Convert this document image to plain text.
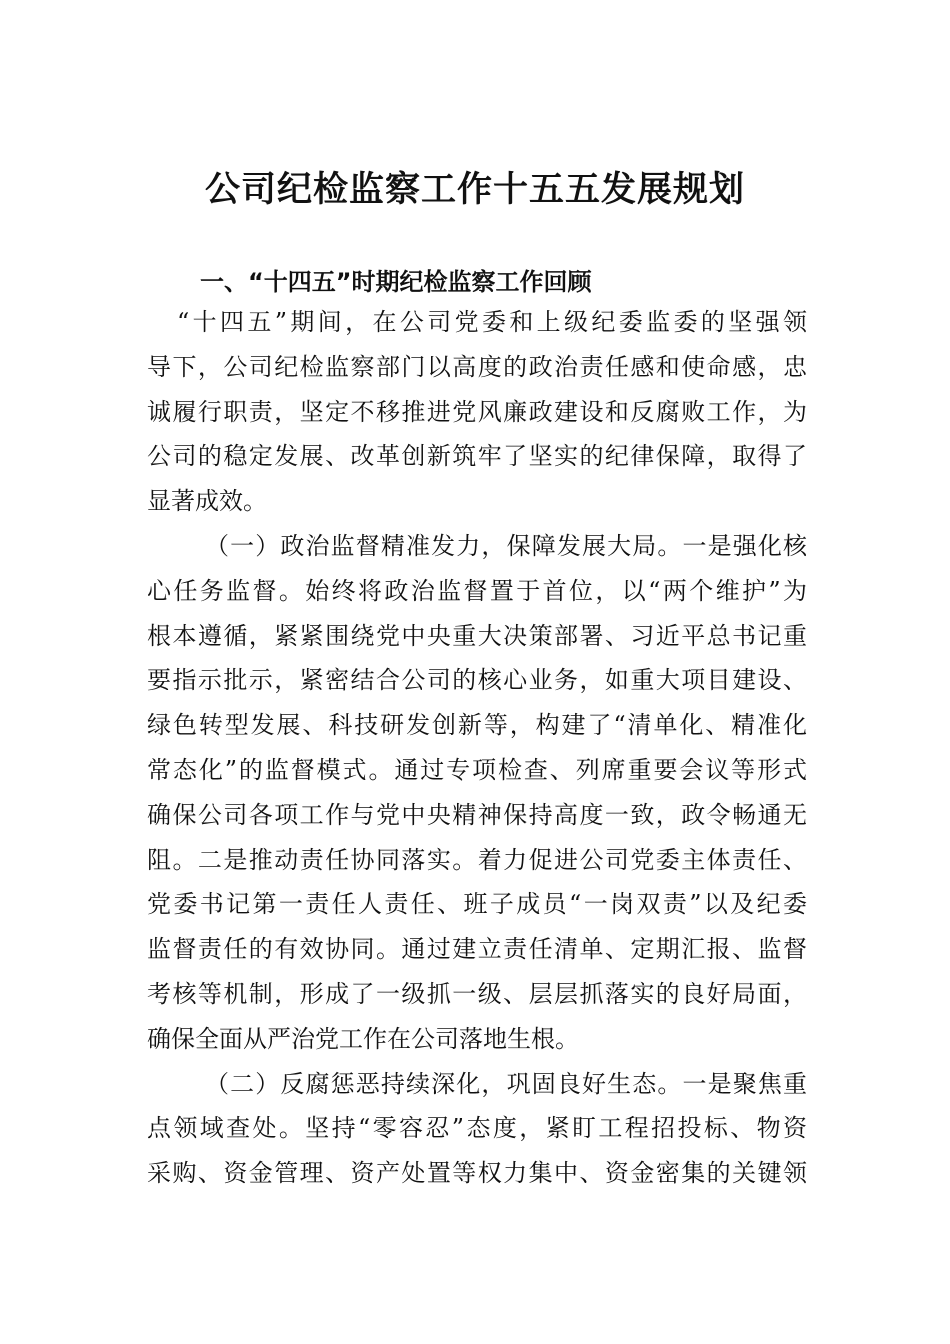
公司纪检监察工作十五五发展规划
一、“十四五”时期纪检监察工作回顾
“十四五”期间，在公司党委和上级纪委监委的坚强领
导下，公司纪检监察部门以高度的政治责任感和使命感，忠
诚履行职责，坚定不移推进党风廉政建设和反腐败工作，为
公司的稳定发展、改革创新筑牢了坚实的纪律保障，取得了
显著成效。
（一）政治监督精准发力，保障发展大局。一是强化核
心任务监督。始终将政治监督置于首位，以“两个维护”为
根本遵循，紧紧围绕党中央重大决策部署、习近平总书记重
要指示批示，紧密结合公司的核心业务，如重大项目建设、
绿色转型发展、科技研发创新等，构建了“清单化、精准化
常态化”的监督模式。通过专项检查、列席重要会议等形式
确保公司各项工作与党中央精神保持高度一致，政令畅通无
阻。二是推动责任协同落实。着力促进公司党委主体责任、
党委书记第一责任人责任、班子成员“一岗双责”以及纪委
监督责任的有效协同。通过建立责任清单、定期汇报、监督
考核等机制，形成了一级抓一级、层层抓落实的良好局面，
确保全面从严治党工作在公司落地生根。
（二）反腐惩恶持续深化，巩固良好生态。一是聚焦重
点领域查处。坚持“零容忍”态度，紧盯工程招投标、物资
采购、资金管理、资产处置等权力集中、资金密集的关键领
